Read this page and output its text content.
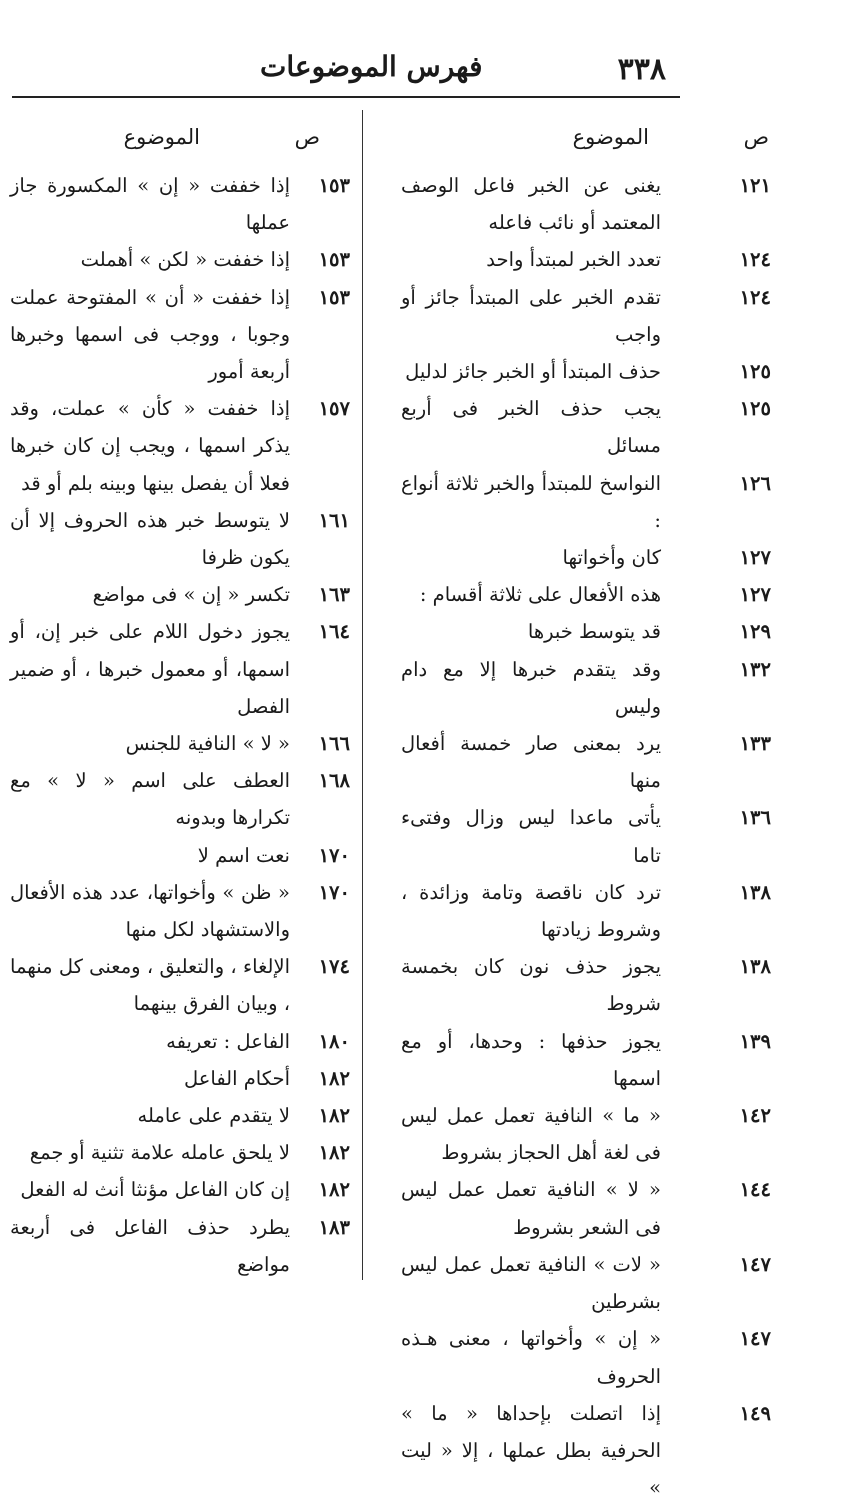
٣٣٨
فهرس الموضوعات
ص
الموضوع
١٢١
يغنى عن الخبر فاعل الوصف المعتمد أو نائب فاعله
١٢٤
تعدد الخبر لمبتدأ واحد
١٢٤
تقدم الخبر على المبتدأ جائز أو واجب
١٢٥
حذف المبتدأ أو الخبر جائز لدليل
١٢٥
يجب حذف الخبر فى أربع مسائل
١٢٦
النواسخ للمبتدأ والخبر ثلاثة أنواع :
١٢٧
كان وأخواتها
١٢٧
هذه الأفعال على ثلاثة أقسام :
١٢٩
قد يتوسط خبرها
١٣٢
وقد يتقدم خبرها إلا مع دام وليس
١٣٣
يرد بمعنى صار خمسة أفعال منها
١٣٦
يأتى ماعدا ليس وزال وفتىء تاما
١٣٨
ترد كان ناقصة وتامة وزائدة ، وشروط زيادتها
١٣٨
يجوز حذف نون كان بخمسة شروط
١٣٩
يجوز حذفها : وحدها، أو مع اسمها
١٤٢
« ما » النافية تعمل عمل ليس فى لغة أهل الحجاز بشروط
١٤٤
« لا » النافية تعمل عمل ليس فى الشعر بشروط
١٤٧
« لات » النافية تعمل عمل ليس بشرطين
١٤٧
« إن » وأخواتها ، معنى هـذه الحروف
١٤٩
إذا اتصلت بإحداها « ما » الحرفية بطل عملها ، إلا « ليت »
ص
الموضوع
١٥٣
إذا خففت « إن » المكسورة جاز عملها
١٥٣
إذا خففت « لكن » أهملت
١٥٣
إذا خففت « أن » المفتوحة عملت وجوبا ، ووجب فى اسمها وخبرها أربعة أمور
١٥٧
إذا خففت « كأن » عملت، وقد يذكر اسمها ، ويجب إن كان خبرها فعلا أن يفصل بينها وبينه بلم أو قد
١٦١
لا يتوسط خبر هذه الحروف إلا أن يكون ظرفا
١٦٣
تكسر « إن » فى مواضع
١٦٤
يجوز دخول اللام على خبر إن، أو اسمها، أو معمول خبرها ، أو ضمير الفصل
١٦٦
« لا » النافية للجنس
١٦٨
العطف على اسم « لا » مع تكرارها وبدونه
١٧٠
نعت اسم لا
١٧٠
« ظن » وأخواتها، عدد هذه الأفعال والاستشهاد لكل منها
١٧٤
الإلغاء ، والتعليق ، ومعنى كل منهما ، وبيان الفرق بينهما
١٨٠
الفاعل : تعريفه
١٨٢
أحكام الفاعل
١٨٢
لا يتقدم على عامله
١٨٢
لا يلحق عامله علامة تثنية أو جمع
١٨٢
إن كان الفاعل مؤنثا أنث له الفعل
١٨٣
يطرد حذف الفاعل فى أربعة مواضع
